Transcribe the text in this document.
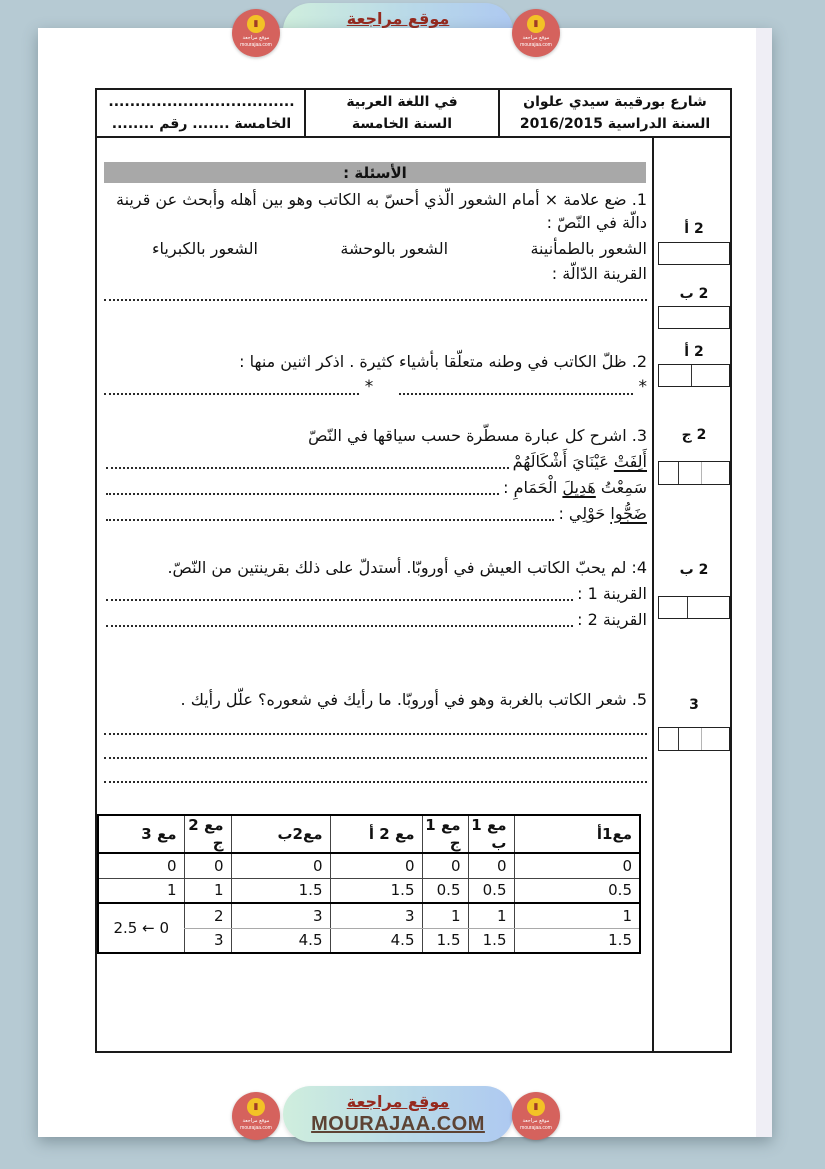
موقع مراجعة
▮
موقع مراجعة
mourajaa.com
▮
موقع مراجعة
mourajaa.com
شارع بورقيبة سيدي علوان
السنة الدراسية 2016/2015
في اللغة العربية
السنة الخامسة
...................................
الخامسة ....... رقم ........
الأسئلة :
1. ضع علامة × أمام الشعور الّذي أحسّ به الكاتب وهو بين أهله وأبحث عن قرينة
دالّة في النّصّ :
الشعور بالطمأنينة
الشعور بالوحشة
الشعور بالكبرياء
القرينة الدّالّة :
2. ظلّ الكاتب في وطنه متعلّقا بأشياء كثيرة . اذكر اثنين منها :
*
*
3. اشرح كل عبارة مسطّرة حسب سياقها في النّصّ
أَلِفَتْ عَيْنَايَ أَشْكَالَهُمْ
سَمِعْتُ هَدِيلَ الْحَمَامِ :
ضَجُّوا حَوْلِي :
4: لم يحبّ الكاتب العيش في أوروبّا. أستدلّ على ذلك بقرينتين من النّصّ.
القرينة 1 :
القرينة 2 :
5. شعر الكاتب بالغربة وهو في أوروبّا. ما رأيك في شعوره؟ علّل رأيك .
2 أ
2 ب
2 أ
2 ج
2 ب
3
مع1أ	مع 1 ب	مع 1 ج	مع 2 أ	مع2ب	مع 2 ج	مع 3
0	0	0	0	0	0	0
0.5	0.5	0.5	1.5	1.5	1	1
1	1	1	3	3	2	2.5 ← 0
1.5	1.5	1.5	4.5	4.5	3	
موقع مراجعة
MOURAJAA.COM
▮
موقع مراجعة
mourajaa.com
▮
موقع مراجعة
mourajaa.com
